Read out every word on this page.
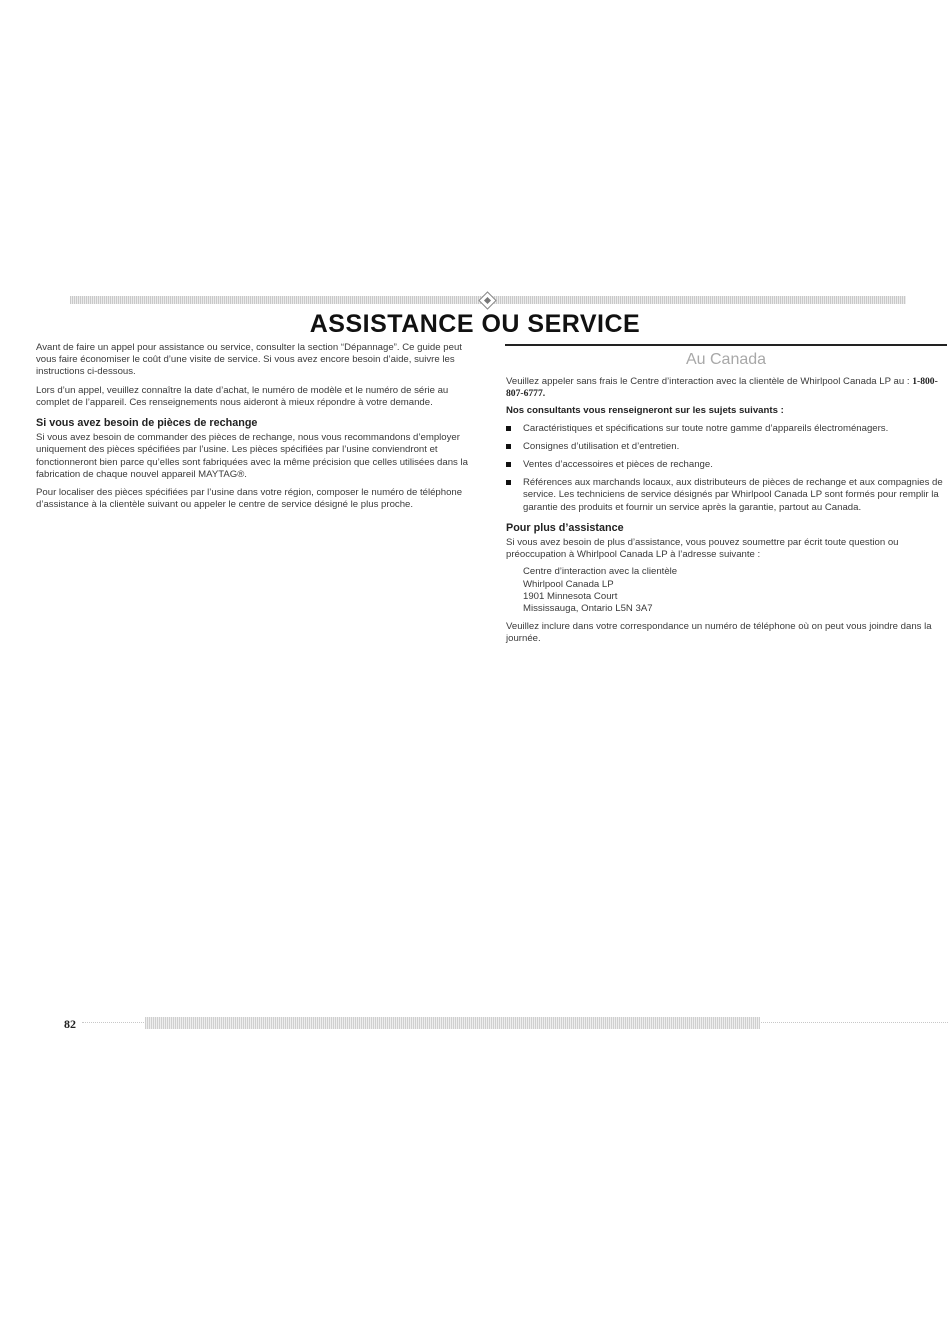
ASSISTANCE OU SERVICE

Avant de faire un appel pour assistance ou service, consulter la section “Dépannage”. Ce guide peut vous faire économiser le coût d’une visite de service. Si vous avez encore besoin d’aide, suivre les instructions ci-dessous.

Lors d’un appel, veuillez connaître la date d’achat, le numéro de modèle et le numéro de série au complet de l’appareil. Ces renseignements nous aideront à mieux répondre à votre demande.

Si vous avez besoin de pièces de rechange

Si vous avez besoin de commander des pièces de rechange, nous vous recommandons d’employer uniquement des pièces spécifiées par l’usine. Les pièces spécifiées par l’usine conviendront et fonctionneront bien parce qu’elles sont fabriquées avec la même précision que celles utilisées dans la fabrication de chaque nouvel appareil MAYTAG®.

Pour localiser des pièces spécifiées par l’usine dans votre région, composer le numéro de téléphone d’assistance à la clientèle suivant ou appeler le centre de service désigné le plus proche.

Au Canada

Veuillez appeler sans frais le Centre d’interaction avec la clientèle de Whirlpool Canada LP au : 1-800-807-6777.

Nos consultants vous renseigneront sur les sujets suivants :
Caractéristiques et spécifications sur toute notre gamme d’appareils électroménagers.
Consignes d’utilisation et d’entretien.
Ventes d’accessoires et pièces de rechange.
Références aux marchands locaux, aux distributeurs de pièces de rechange et aux compagnies de service. Les techniciens de service désignés par Whirlpool Canada LP sont formés pour remplir la garantie des produits et fournir un service après la garantie, partout au Canada.
Pour plus d’assistance

Si vous avez besoin de plus d’assistance, vous pouvez soumettre par écrit toute question ou préoccupation à Whirlpool Canada LP à l’adresse suivante :

Centre d’interaction avec la clientèle
Whirlpool Canada LP
1901 Minnesota Court
Mississauga, Ontario L5N 3A7

Veuillez inclure dans votre correspondance un numéro de téléphone où on peut vous joindre dans la journée.

82
